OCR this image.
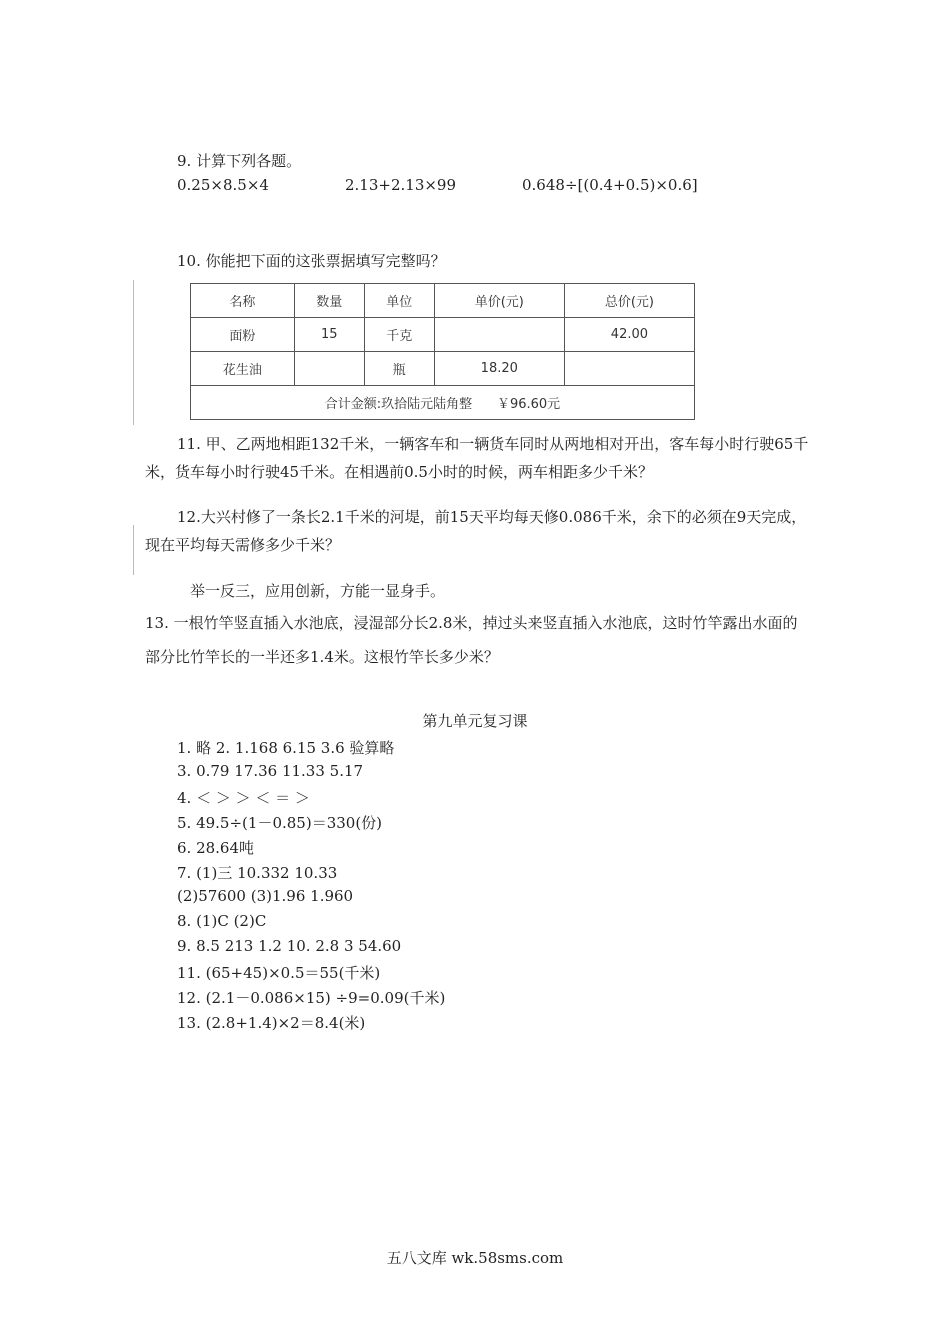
9. 计算下列各题。
0.25×8.5×4	2.13+2.13×99	0.648÷[(0.4+0.5)×0.6]
10. 你能把下面的这张票据填写完整吗？
名称	数量	单位	单价(元)	总价(元)
面粉	15	千克		42.00
花生油		瓶	18.20	
合计金额:玖拾陆元陆角整      ￥96.60元				
11. 甲、乙两地相距132千米，一辆客车和一辆货车同时从两地相对开出，客车每小时行驶65千米，货车每小时行驶45千米。在相遇前0.5小时的时候，两车相距多少千米？
12.大兴村修了一条长2.1千米的河堤，前15天平均每天修0.086千米，余下的必须在9天完成，现在平均每天需修多少千米？
举一反三，应用创新，方能一显身手。
13. 一根竹竿竖直插入水池底，浸湿部分长2.8米，掉过头来竖直插入水池底，这时竹竿露出水面的部分比竹竿长的一半还多1.4米。这根竹竿长多少米？
第九单元复习课
1. 略 2. 1.168 6.15 3.6 验算略
3. 0.79 17.36 11.33 5.17
4. ＜ ＞ ＞ ＜ ＝ ＞
5. 49.5÷(1－0.85)＝330(份)
6. 28.64吨
7. (1)三 10.332 10.33
(2)57600 (3)1.96 1.960
8. (1)C (2)C
9. 8.5 213 1.2 10. 2.8 3 54.60
11. (65+45)×0.5＝55(千米)
12. (2.1－0.086×15) ÷9=0.09(千米)
13. (2.8+1.4)×2＝8.4(米)
五八文库 wk.58sms.com
